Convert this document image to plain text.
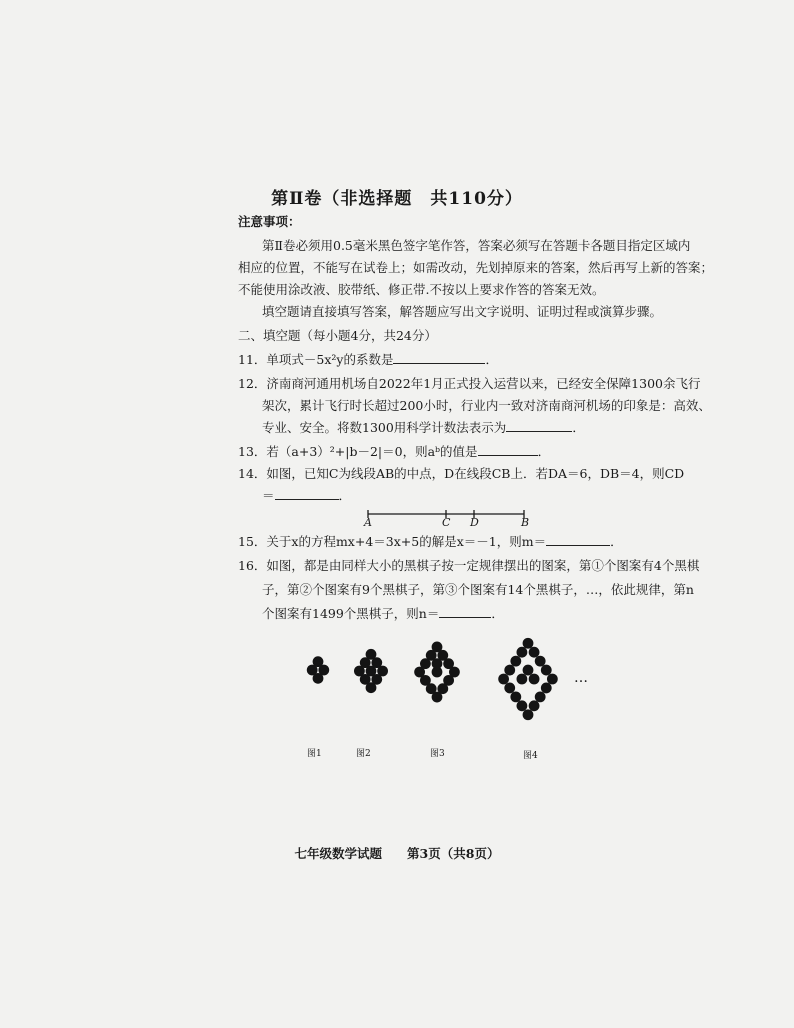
第Ⅱ卷（非选择题　共110分）
注意事项：
第Ⅱ卷必须用0.5毫米黑色签字笔作答，答案必须写在答题卡各题目指定区域内
相应的位置，不能写在试卷上；如需改动，先划掉原来的答案，然后再写上新的答案；
不能使用涂改液、胶带纸、修正带.不按以上要求作答的答案无效。
填空题请直接填写答案，解答题应写出文字说明、证明过程或演算步骤。
二、填空题（每小题4分，共24分）
11．单项式－5x²y的系数是	．
12．济南商河通用机场自2022年1月正式投入运营以来，已经安全保障1300余飞行
架次，累计飞行时长超过200小时，行业内一致对济南商河机场的印象是：高效、
专业、安全。将数1300用科学计数法表示为	．
13．若（a+3）²+|b－2|＝0，则aᵇ的值是	．
14．如图，已知C为线段AB的中点，D在线段CB上．若DA＝6，DB＝4，则CD
＝	．
A	C D	B
15．关于x的方程mx+4＝3x+5的解是x＝－1，则m＝	．
16．如图，都是由同样大小的黑棋子按一定规律摆出的图案，第①个图案有4个黑棋
子，第②个图案有9个黑棋子，第③个图案有14个黑棋子，…，依此规律，第n
个图案有1499个黑棋子，则n＝	．
…
图1	图2	图3	图4
七年级数学试题　　第3页（共8页）
